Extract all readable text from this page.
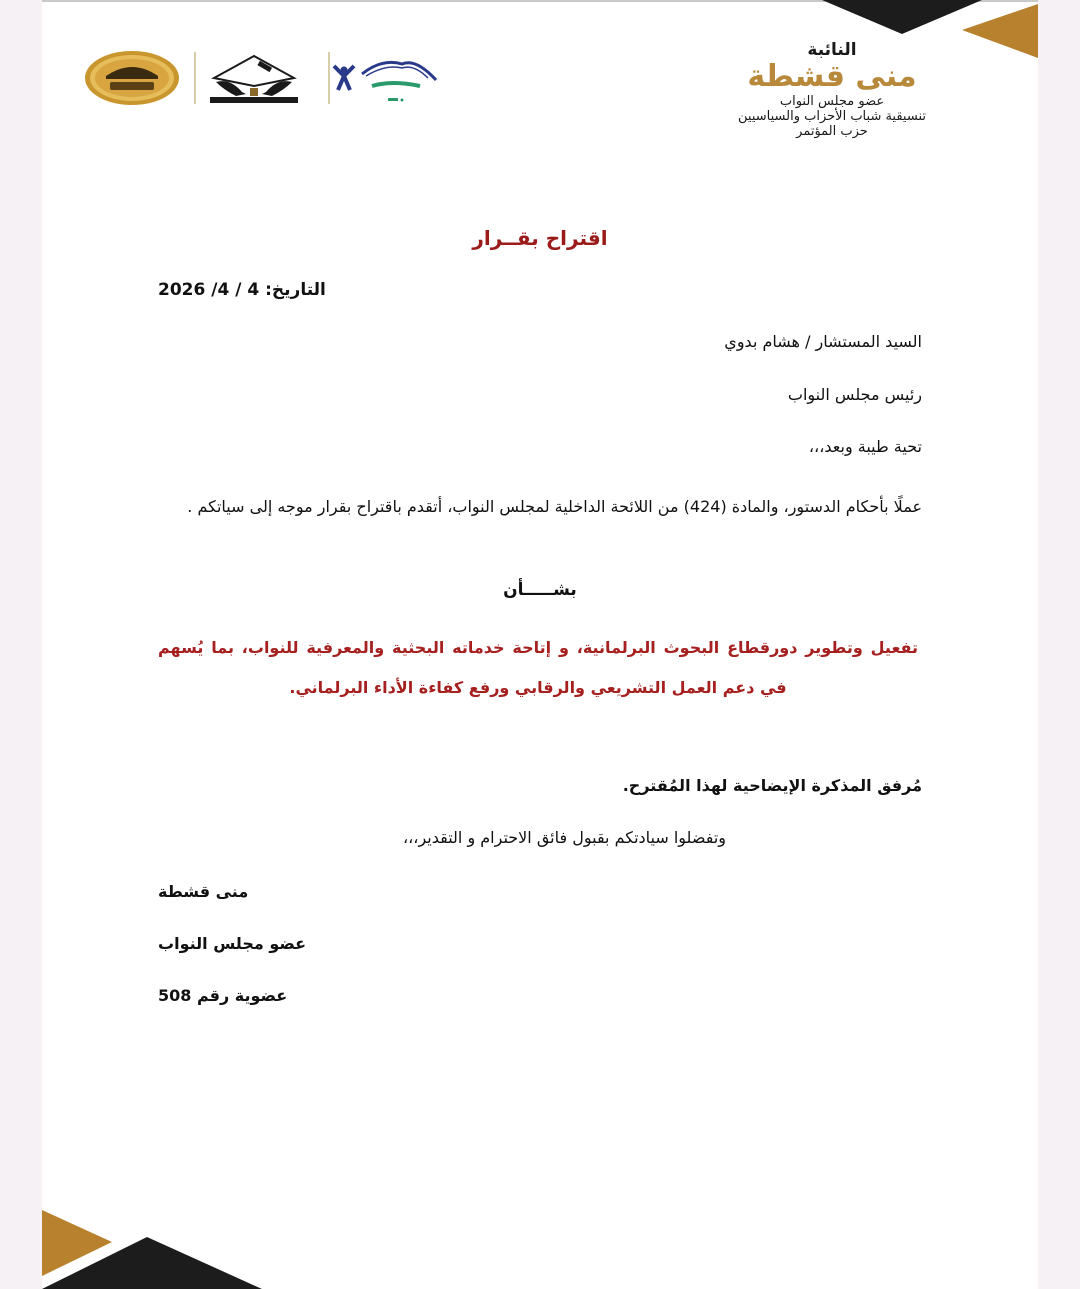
النائبة
منى قشطة
عضو مجلس النواب
تنسيقية شباب الأحزاب والسياسيين
حزب المؤتمر
اقتراح بقــرار
التاريخ: 4 / 4/ 2026
السيد المستشار / هشام بدوي
رئيس مجلس النواب
تحية طيبة وبعد،،،
عملًا بأحكام الدستور، والمادة (424) من اللائحة الداخلية لمجلس النواب، أتقدم باقتراح بقرار موجه إلى سياتكم .
بشـــــأن
تفعيل وتطوير دورقطاع البحوث البرلمانية، و إتاحة خدماته البحثية والمعرفية للنواب، بما يُسهم في دعم العمل التشريعي والرقابي ورفع كفاءة الأداء البرلماني.
مُرفق المذكرة الإيضاحية لهذا المُقترح.
وتفضلوا سيادتكم بقبول فائق الاحترام و التقدير،،،
منى قشطة
عضو مجلس النواب
عضوية رقم 508
